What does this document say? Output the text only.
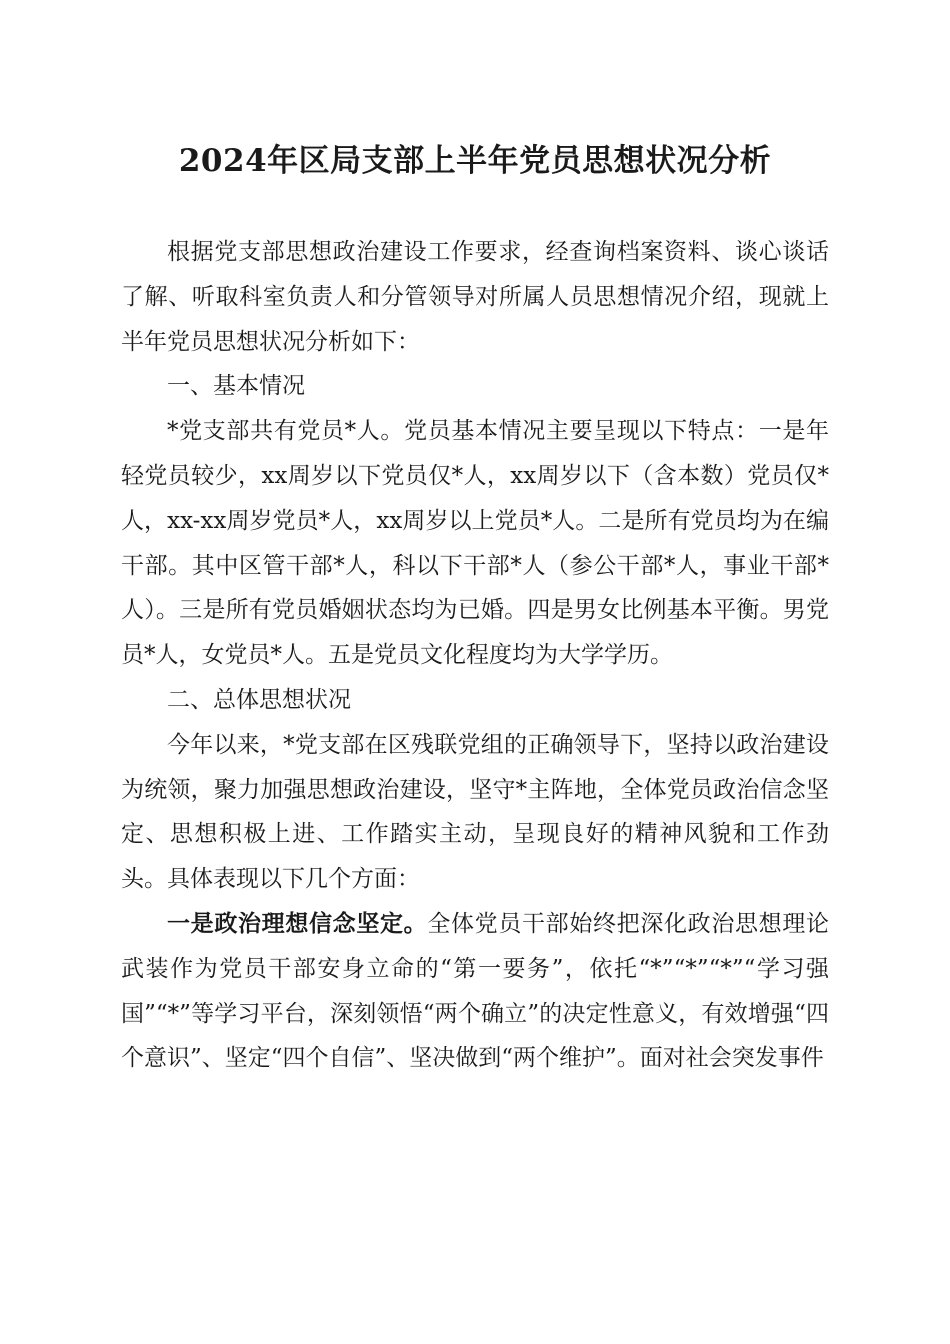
2024年区局支部上半年党员思想状况分析

根据党支部思想政治建设工作要求，经查询档案资料、谈心谈话了解、听取科室负责人和分管领导对所属人员思想情况介绍，现就上半年党员思想状况分析如下：

一、基本情况

*党支部共有党员*人。党员基本情况主要呈现以下特点：一是年轻党员较少，xx周岁以下党员仅*人，xx周岁以下（含本数）党员仅*人，xx-xx周岁党员*人，xx周岁以上党员*人。二是所有党员均为在编干部。其中区管干部*人，科以下干部*人（参公干部*人，事业干部*人）。三是所有党员婚姻状态均为已婚。四是男女比例基本平衡。男党员*人，女党员*人。五是党员文化程度均为大学学历。

二、总体思想状况

今年以来，*党支部在区残联党组的正确领导下，坚持以政治建设为统领，聚力加强思想政治建设，坚守*主阵地，全体党员政治信念坚定、思想积极上进、工作踏实主动，呈现良好的精神风貌和工作劲头。具体表现以下几个方面：

一是政治理想信念坚定。全体党员干部始终把深化政治思想理论武装作为党员干部安身立命的“第一要务”，依托“*”“*”“*”“学习强国”“*”等学习平台，深刻领悟“两个确立”的决定性意义，有效增强“四个意识”、坚定“四个自信”、坚决做到“两个维护”。面对社会突发事件
